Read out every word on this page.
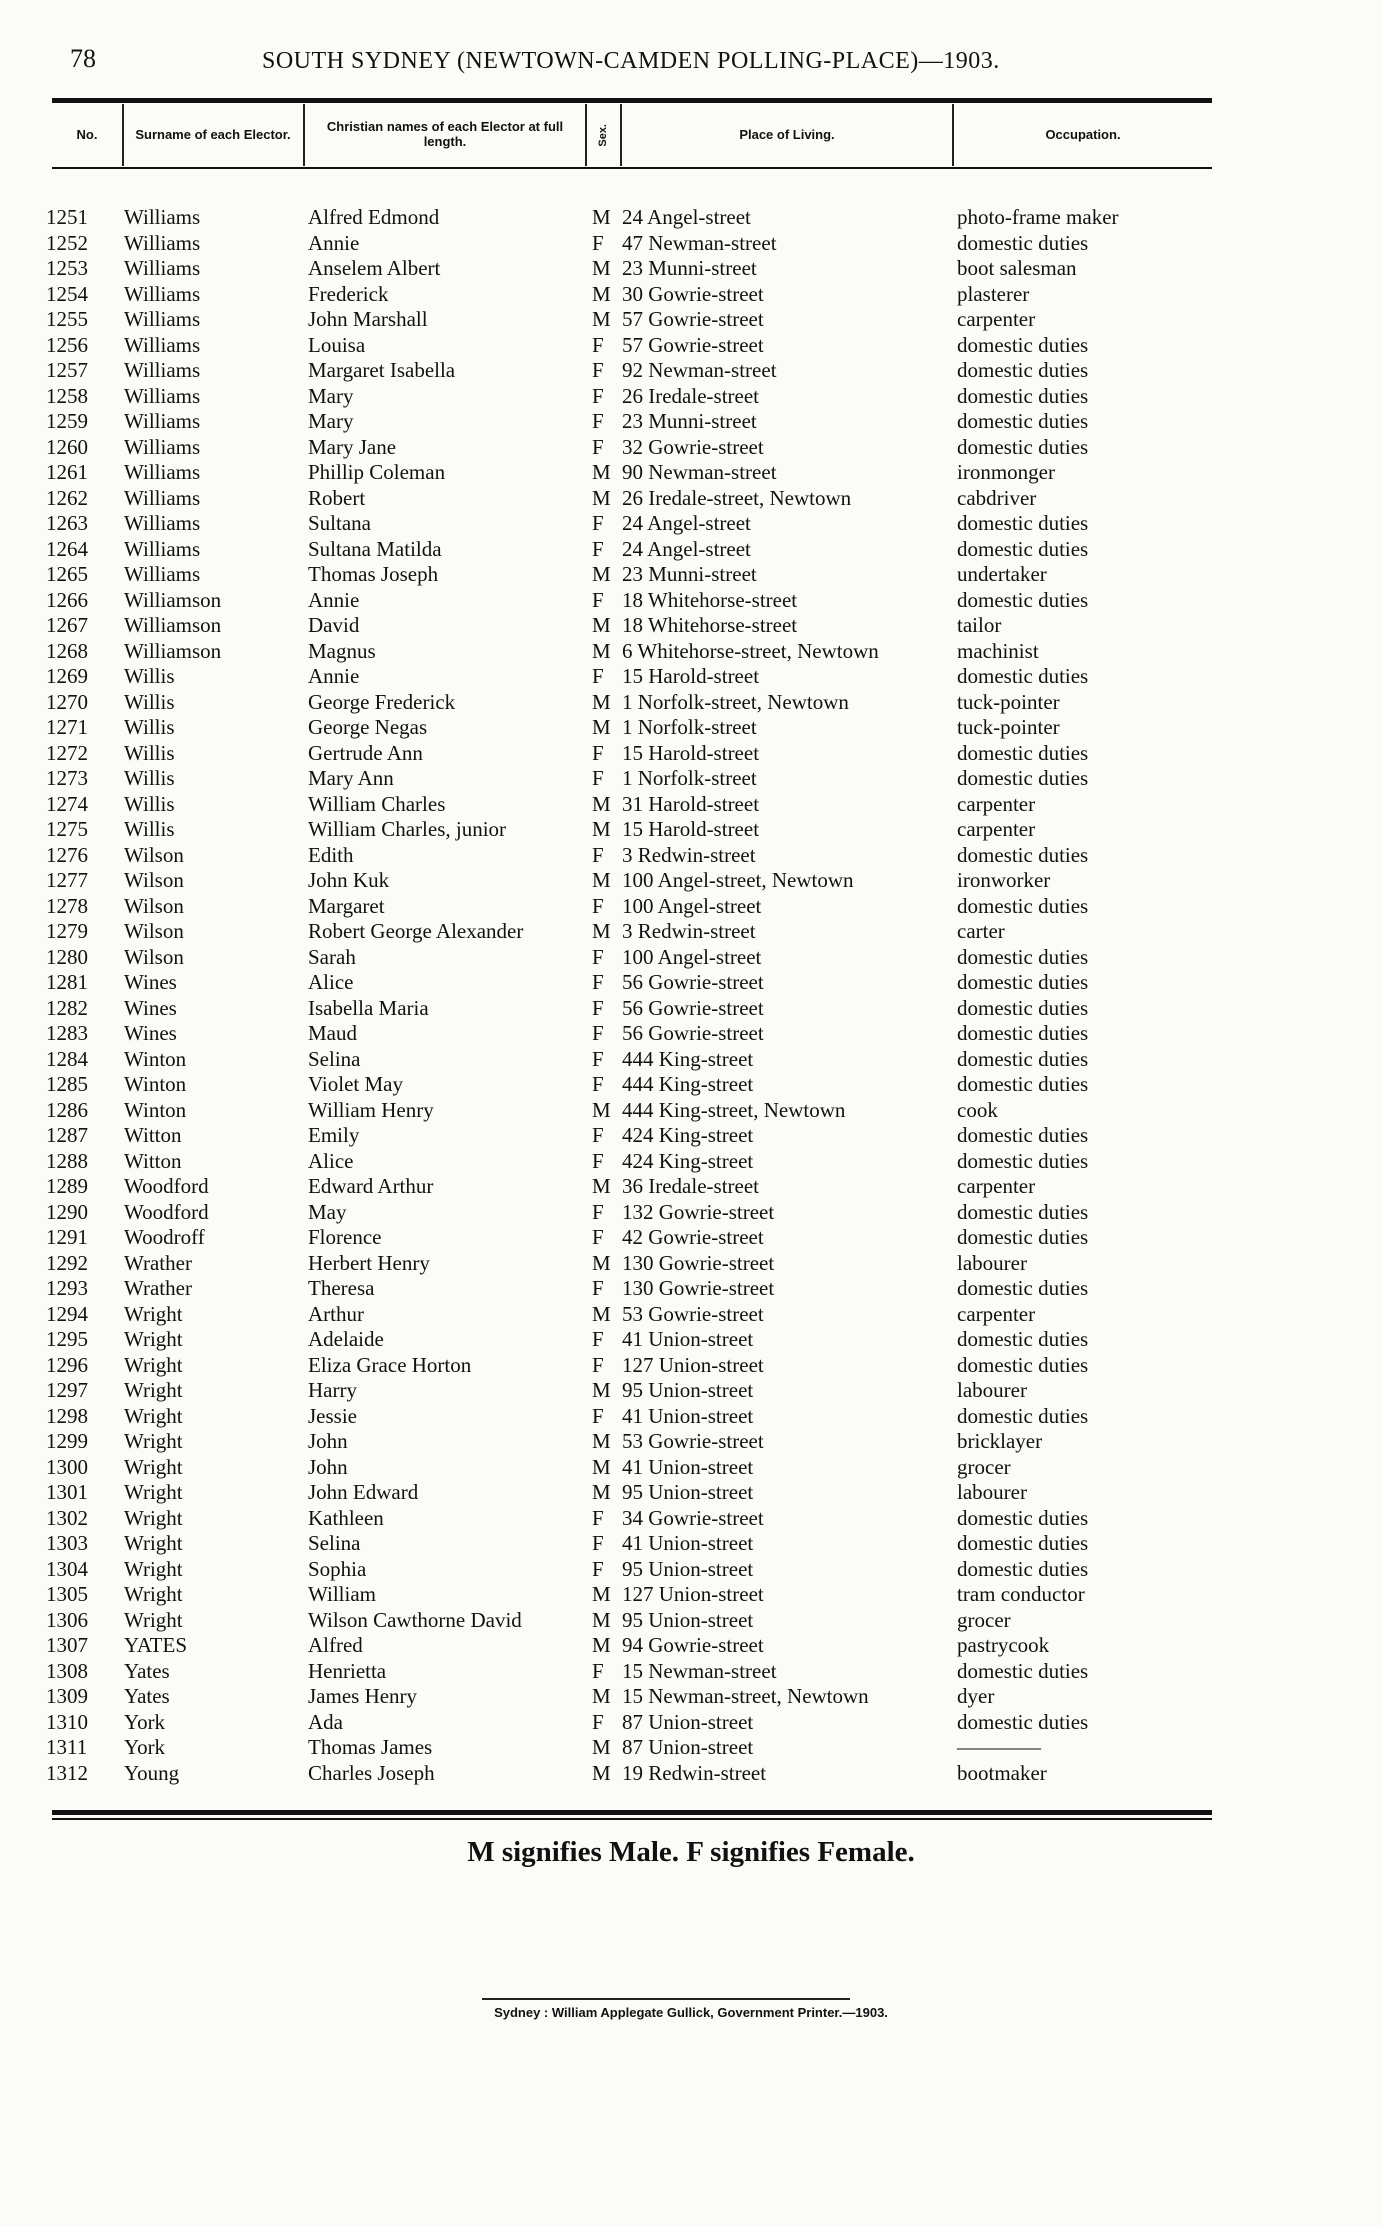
78	SOUTH SYDNEY (NEWTOWN-CAMDEN POLLING-PLACE)—1903.
No.	Surname of each Elector.	Christian names of each Elector at full length.	Sex.	Place of Living.	Occupation.
1251 Williams	Alfred Edmond	M 24 Angel-street	photo-frame maker
1252 Williams	Annie	F 47 Newman-street	domestic duties
1253 Williams	Anselem Albert	M 23 Munni-street	boot salesman
1254 Williams	Frederick	M 30 Gowrie-street	plasterer
1255 Williams	John Marshall	M 57 Gowrie-street	carpenter
1256 Williams	Louisa	F 57 Gowrie-street	domestic duties
1257 Williams	Margaret Isabella	F 92 Newman-street	domestic duties
1258 Williams	Mary	F 26 Iredale-street	domestic duties
1259 Williams	Mary	F 23 Munni-street	domestic duties
1260 Williams	Mary Jane	F 32 Gowrie-street	domestic duties
1261 Williams	Phillip Coleman	M 90 Newman-street	ironmonger
1262 Williams	Robert	M 26 Iredale-street, Newtown	cabdriver
1263 Williams	Sultana	F 24 Angel-street	domestic duties
1264 Williams	Sultana Matilda	F 24 Angel-street	domestic duties
1265 Williams	Thomas Joseph	M 23 Munni-street	undertaker
1266 Williamson	Annie	F 18 Whitehorse-street	domestic duties
1267 Williamson	David	M 18 Whitehorse-street	tailor
1268 Williamson	Magnus	M 6 Whitehorse-street, Newtown	machinist
1269 Willis	Annie	F 15 Harold-street	domestic duties
1270 Willis	George Frederick	M 1 Norfolk-street, Newtown	tuck-pointer
1271 Willis	George Negas	M 1 Norfolk-street	tuck-pointer
1272 Willis	Gertrude Ann	F 15 Harold-street	domestic duties
1273 Willis	Mary Ann	F 1 Norfolk-street	domestic duties
1274 Willis	William Charles	M 31 Harold-street	carpenter
1275 Willis	William Charles, junior	M 15 Harold-street	carpenter
1276 Wilson	Edith	F 3 Redwin-street	domestic duties
1277 Wilson	John Kuk	M 100 Angel-street, Newtown	ironworker
1278 Wilson	Margaret	F 100 Angel-street	domestic duties
1279 Wilson	Robert George Alexander	M 3 Redwin-street	carter
1280 Wilson	Sarah	F 100 Angel-street	domestic duties
1281 Wines	Alice	F 56 Gowrie-street	domestic duties
1282 Wines	Isabella Maria	F 56 Gowrie-street	domestic duties
1283 Wines	Maud	F 56 Gowrie-street	domestic duties
1284 Winton	Selina	F 444 King-street	domestic duties
1285 Winton	Violet May	F 444 King-street	domestic duties
1286 Winton	William Henry	M 444 King-street, Newtown	cook
1287 Witton	Emily	F 424 King-street	domestic duties
1288 Witton	Alice	F 424 King-street	domestic duties
1289 Woodford	Edward Arthur	M 36 Iredale-street	carpenter
1290 Woodford	May	F 132 Gowrie-street	domestic duties
1291 Woodroff	Florence	F 42 Gowrie-street	domestic duties
1292 Wrather	Herbert Henry	M 130 Gowrie-street	labourer
1293 Wrather	Theresa	F 130 Gowrie-street	domestic duties
1294 Wright	Arthur	M 53 Gowrie-street	carpenter
1295 Wright	Adelaide	F 41 Union-street	domestic duties
1296 Wright	Eliza Grace Horton	F 127 Union-street	domestic duties
1297 Wright	Harry	M 95 Union-street	labourer
1298 Wright	Jessie	F 41 Union-street	domestic duties
1299 Wright	John	M 53 Gowrie-street	bricklayer
1300 Wright	John	M 41 Union-street	grocer
1301 Wright	John Edward	M 95 Union-street	labourer
1302 Wright	Kathleen	F 34 Gowrie-street	domestic duties
1303 Wright	Selina	F 41 Union-street	domestic duties
1304 Wright	Sophia	F 95 Union-street	domestic duties
1305 Wright	William	M 127 Union-street	tram conductor
1306 Wright	Wilson Cawthorne David	M 95 Union-street	grocer
1307 YATES	Alfred	M 94 Gowrie-street	pastrycook
1308 Yates	Henrietta	F 15 Newman-street	domestic duties
1309 Yates	James Henry	M 15 Newman-street, Newtown	dyer
1310 York	Ada	F 87 Union-street	domestic duties
1311 York	Thomas James	M 87 Union-street	————
1312 Young	Charles Joseph	M 19 Redwin-street	bootmaker
M signifies Male. F signifies Female.
Sydney : William Applegate Gullick, Government Printer.—1903.
